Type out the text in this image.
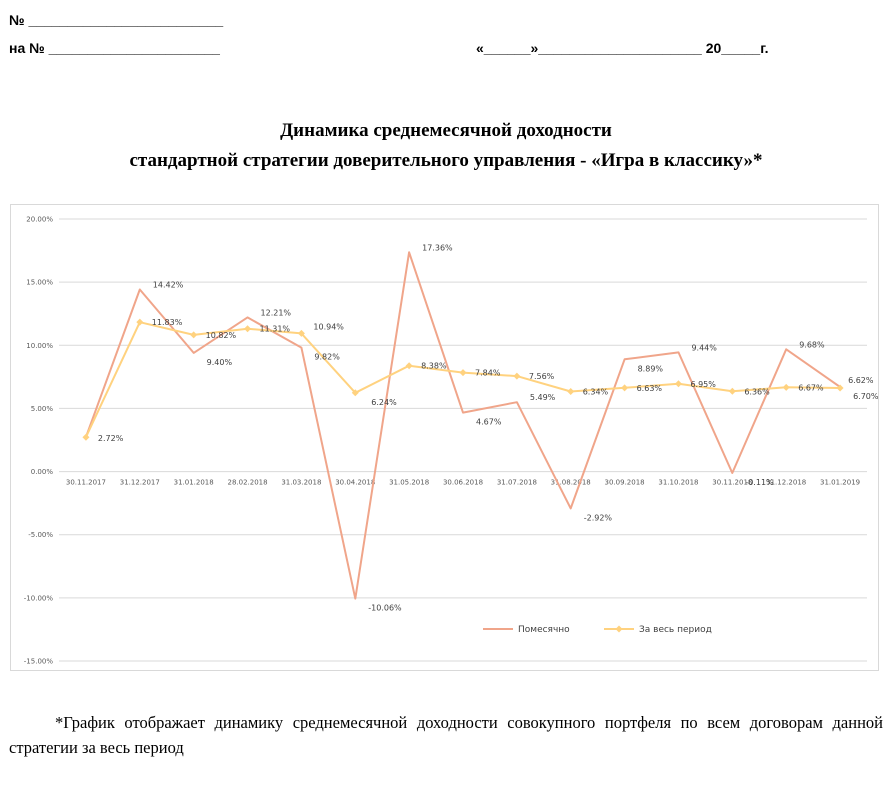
№ _________________________
на № ______________________	«______»_____________________ 20_____г.
Динамика среднемесячной доходности
стандартной стратегии доверительного управления - «Игра в классику»*
20.00%
15.00%
10.00%
5.00%
0.00%
-5.00%
-10.00%
-15.00%
30.11.2017 31.12.2017 31.01.2018 28.02.2018 31.03.2018 30.04.2018 31.05.2018 30.06.2018 31.07.2018 31.08.2018 30.09.2018 31.10.2018 30.11.2018 31.12.2018 31.01.2019
14.42%
9.40%
12.21%
9.82%
-10.06%
17.36%
4.67%
5.49%
-2.92%
8.89%
9.44%
-0.11%
9.68%
6.70%
2.72%
11.83%
10.82%
11.31%	10.94%
6.24%
8.38%
7.84%	7.56%
6.34%	6.63%	6.95%
6.36%	6.67%
6.62%
Помесячно	За весь период
*График отображает динамику среднемесячной доходности совокупного портфеля по всем договорам данной стратегии за весь период
